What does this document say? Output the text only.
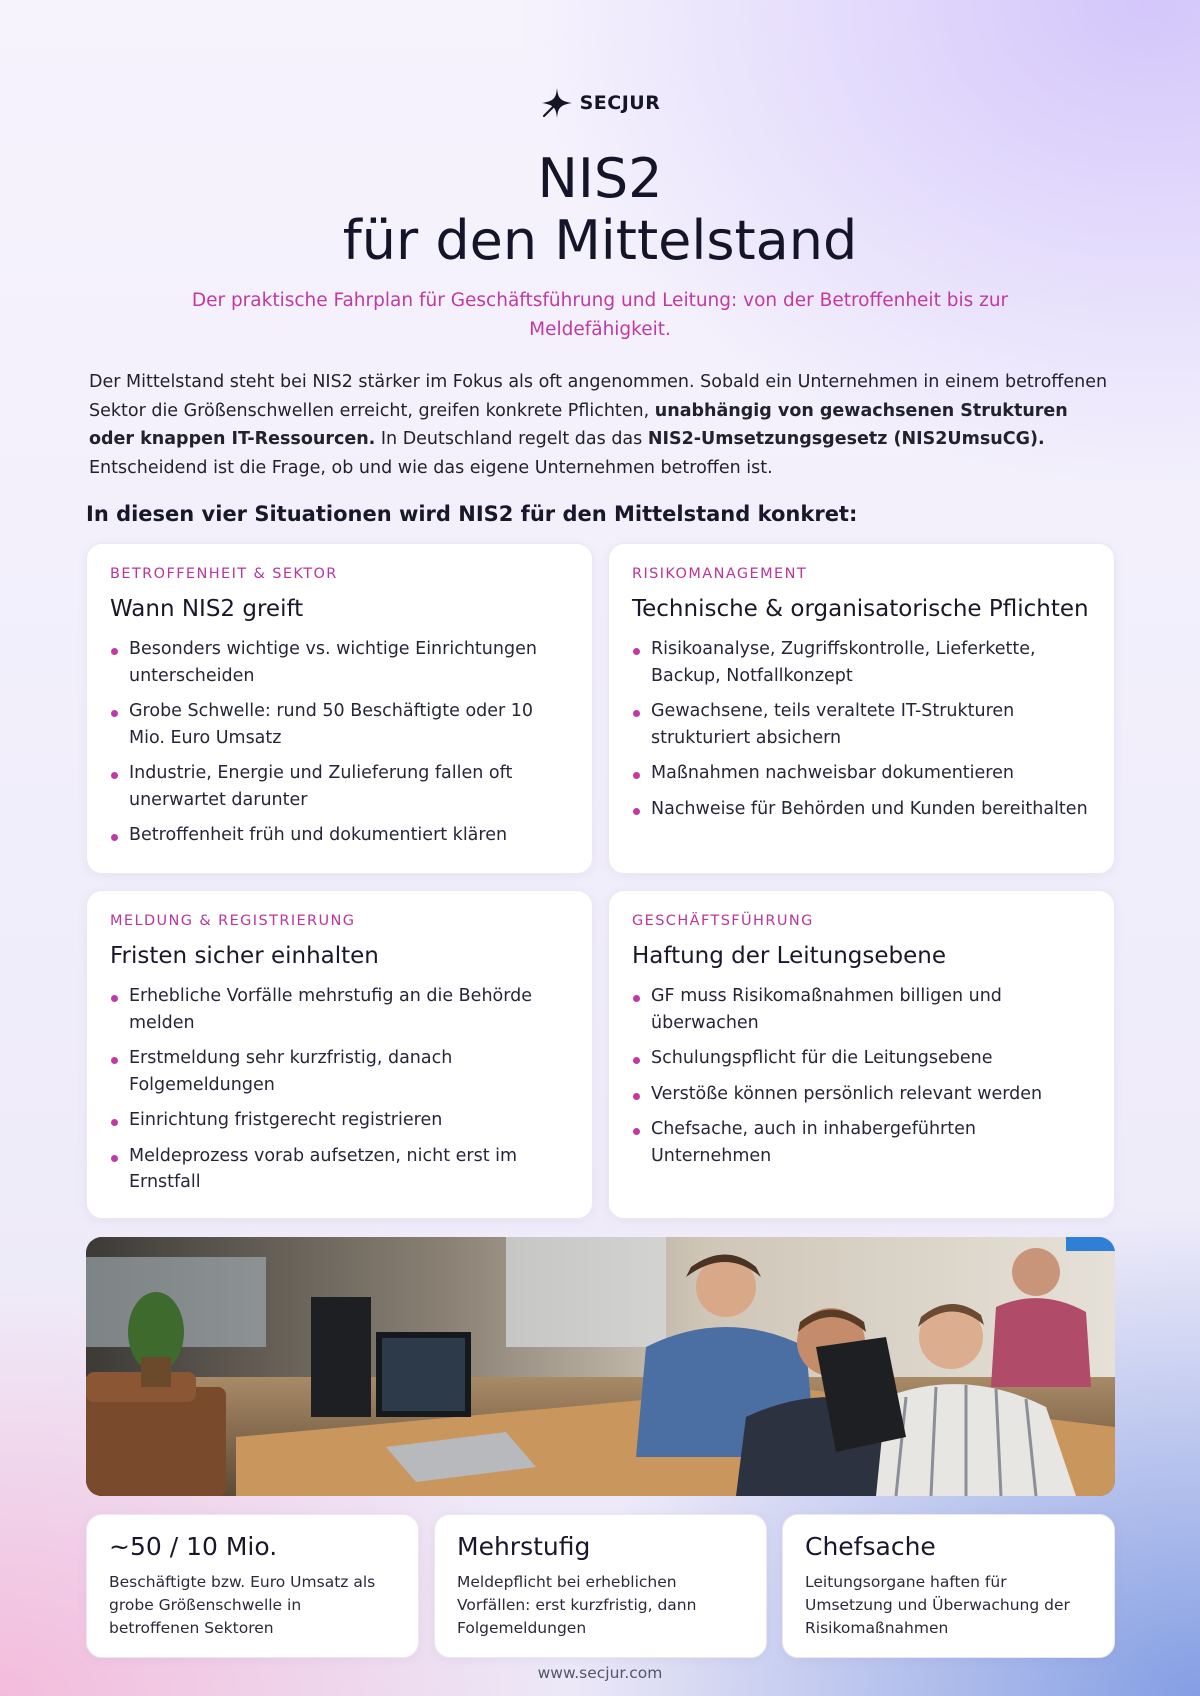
SECJUR
NIS2
für den Mittelstand

Der praktische Fahrplan für Geschäftsführung und Leitung: von der Betroffenheit bis zur Meldefähigkeit.

Der Mittelstand steht bei NIS2 stärker im Fokus als oft angenommen. Sobald ein Unternehmen in einem betroffenen Sektor die Größenschwellen erreicht, greifen konkrete Pflichten, unabhängig von gewachsenen Strukturen oder knappen IT-Ressourcen. In Deutschland regelt das das NIS2-Umsetzungsgesetz (NIS2UmsuCG). Entscheidend ist die Frage, ob und wie das eigene Unternehmen betroffen ist.

In diesen vier Situationen wird NIS2 für den Mittelstand konkret:
BETROFFENHEIT & SEKTOR
Wann NIS2 greift
Besonders wichtige vs. wichtige Einrichtungen unterscheiden
Grobe Schwelle: rund 50 Beschäftigte oder 10 Mio. Euro Umsatz
Industrie, Energie und Zulieferung fallen oft unerwartet darunter
Betroffenheit früh und dokumentiert klären
RISIKOMANAGEMENT
Technische & organisatorische Pflichten
Risikoanalyse, Zugriffskontrolle, Lieferkette, Backup, Notfallkonzept
Gewachsene, teils veraltete IT-Strukturen strukturiert absichern
Maßnahmen nachweisbar dokumentieren
Nachweise für Behörden und Kunden bereithalten
MELDUNG & REGISTRIERUNG
Fristen sicher einhalten
Erhebliche Vorfälle mehrstufig an die Behörde melden
Erstmeldung sehr kurzfristig, danach Folgemeldungen
Einrichtung fristgerecht registrieren
Meldeprozess vorab aufsetzen, nicht erst im Ernstfall
GESCHÄFTSFÜHRUNG
Haftung der Leitungsebene
GF muss Risikomaßnahmen billigen und überwachen
Schulungspflicht für die Leitungsebene
Verstöße können persönlich relevant werden
Chefsache, auch in inhabergeführten Unternehmen
~50 / 10 Mio.
Beschäftigte bzw. Euro Umsatz als grobe Größenschwelle in betroffenen Sektoren
Mehrstufig
Meldepflicht bei erheblichen Vorfällen: erst kurzfristig, dann Folgemeldungen
Chefsache
Leitungsorgane haften für Umsetzung und Überwachung der Risikomaßnahmen
www.secjur.com
